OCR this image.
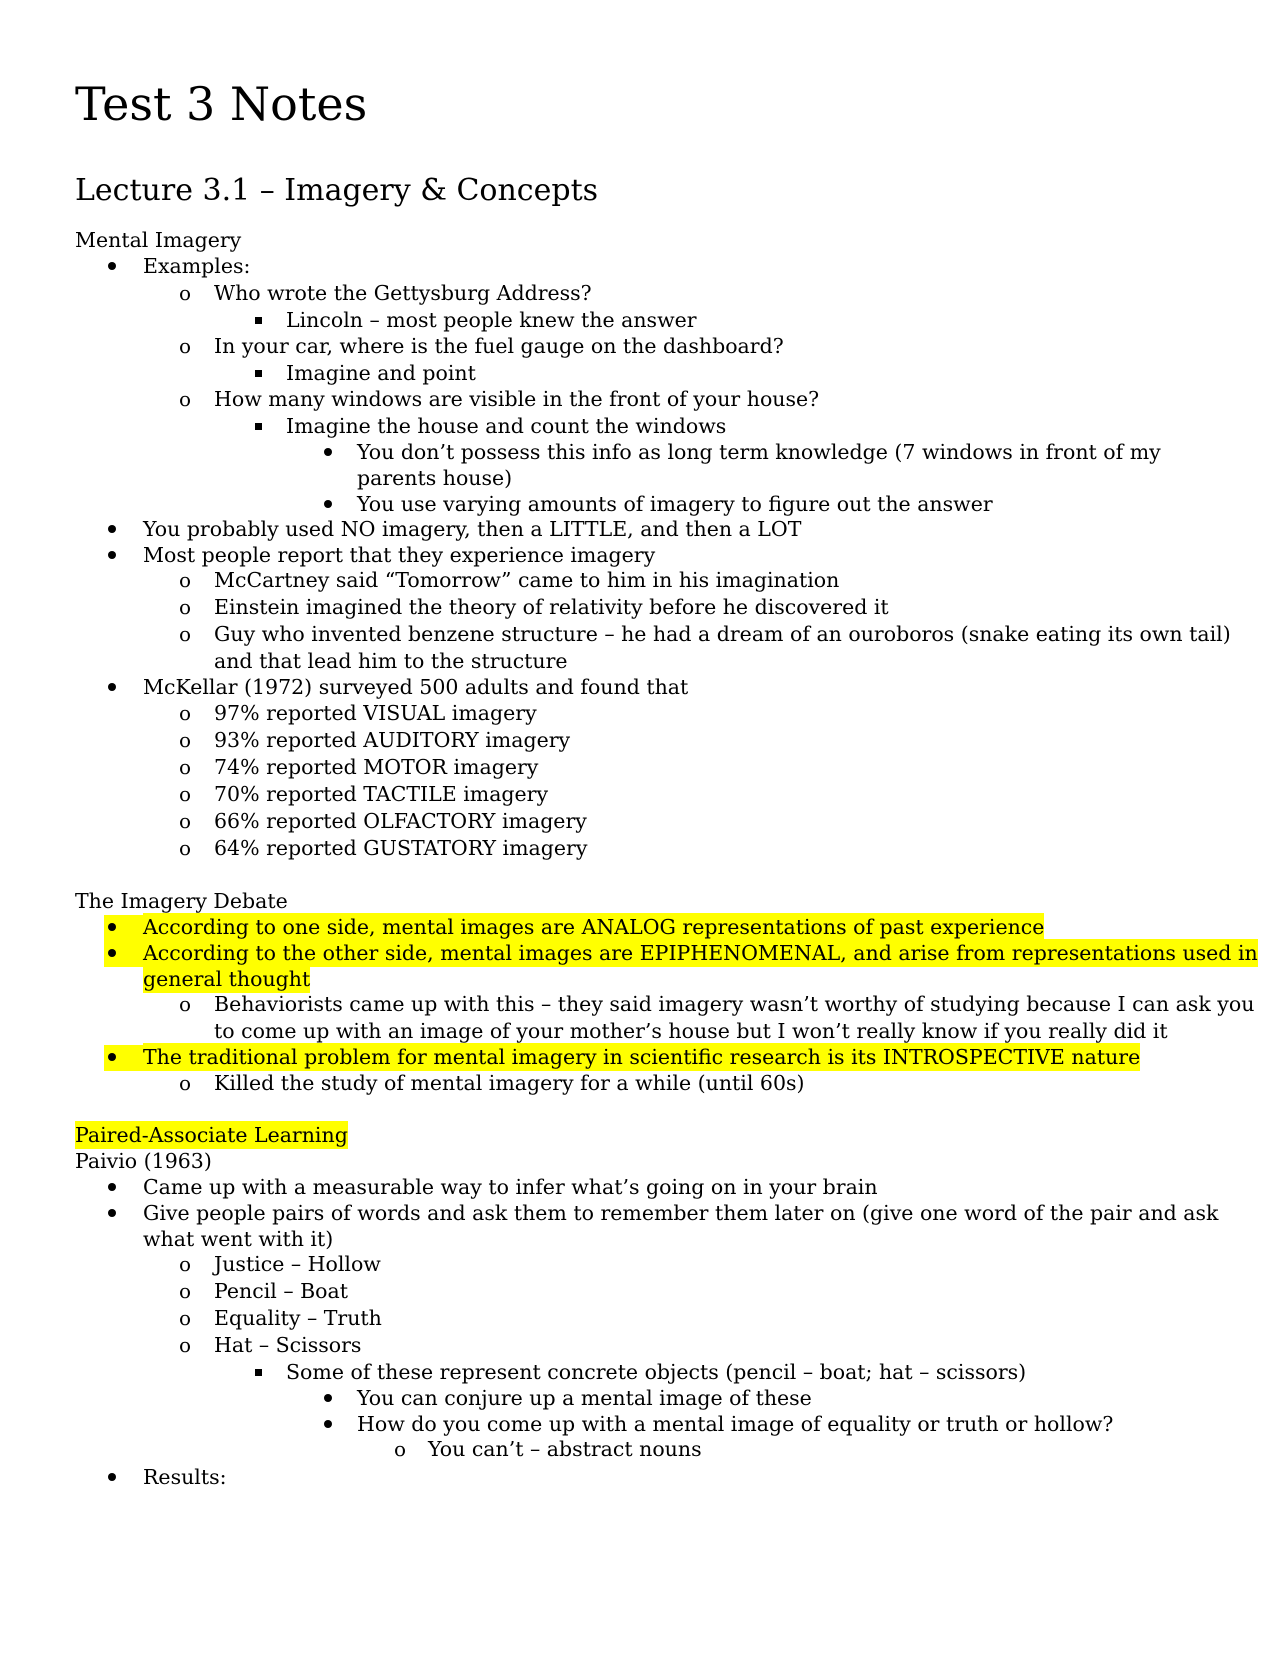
Test 3 Notes
Lecture 3.1 – Imagery & Concepts
Mental Imagery
Examples:
o Who wrote the Gettysburg Address?
Lincoln – most people knew the answer
o In your car, where is the fuel gauge on the dashboard?
Imagine and point
o How many windows are visible in the front of your house?
Imagine the house and count the windows
You don’t possess this info as long term knowledge (7 windows in front of my
parents house)
You use varying amounts of imagery to figure out the answer
You probably used NO imagery, then a LITTLE, and then a LOT
Most people report that they experience imagery
o McCartney said “Tomorrow” came to him in his imagination
o Einstein imagined the theory of relativity before he discovered it
o Guy who invented benzene structure – he had a dream of an ouroboros (snake eating its own tail)
and that lead him to the structure
McKellar (1972) surveyed 500 adults and found that
o 97% reported VISUAL imagery
o 93% reported AUDITORY imagery
o 74% reported MOTOR imagery
o 70% reported TACTILE imagery
o 66% reported OLFACTORY imagery
o 64% reported GUSTATORY imagery
The Imagery Debate
According to one side, mental images are ANALOG representations of past experience
According to the other side, mental images are EPIPHENOMENAL, and arise from representations used in
general thought
o Behaviorists came up with this – they said imagery wasn’t worthy of studying because I can ask you
to come up with an image of your mother’s house but I won’t really know if you really did it
The traditional problem for mental imagery in scientific research is its INTROSPECTIVE nature
o Killed the study of mental imagery for a while (until 60s)
Paired-Associate Learning
Paivio (1963)
Came up with a measurable way to infer what’s going on in your brain
Give people pairs of words and ask them to remember them later on (give one word of the pair and ask
what went with it)
o Justice – Hollow
o Pencil – Boat
o Equality – Truth
o Hat – Scissors
Some of these represent concrete objects (pencil – boat; hat – scissors)
You can conjure up a mental image of these
How do you come up with a mental image of equality or truth or hollow?
o You can’t – abstract nouns
Results:
